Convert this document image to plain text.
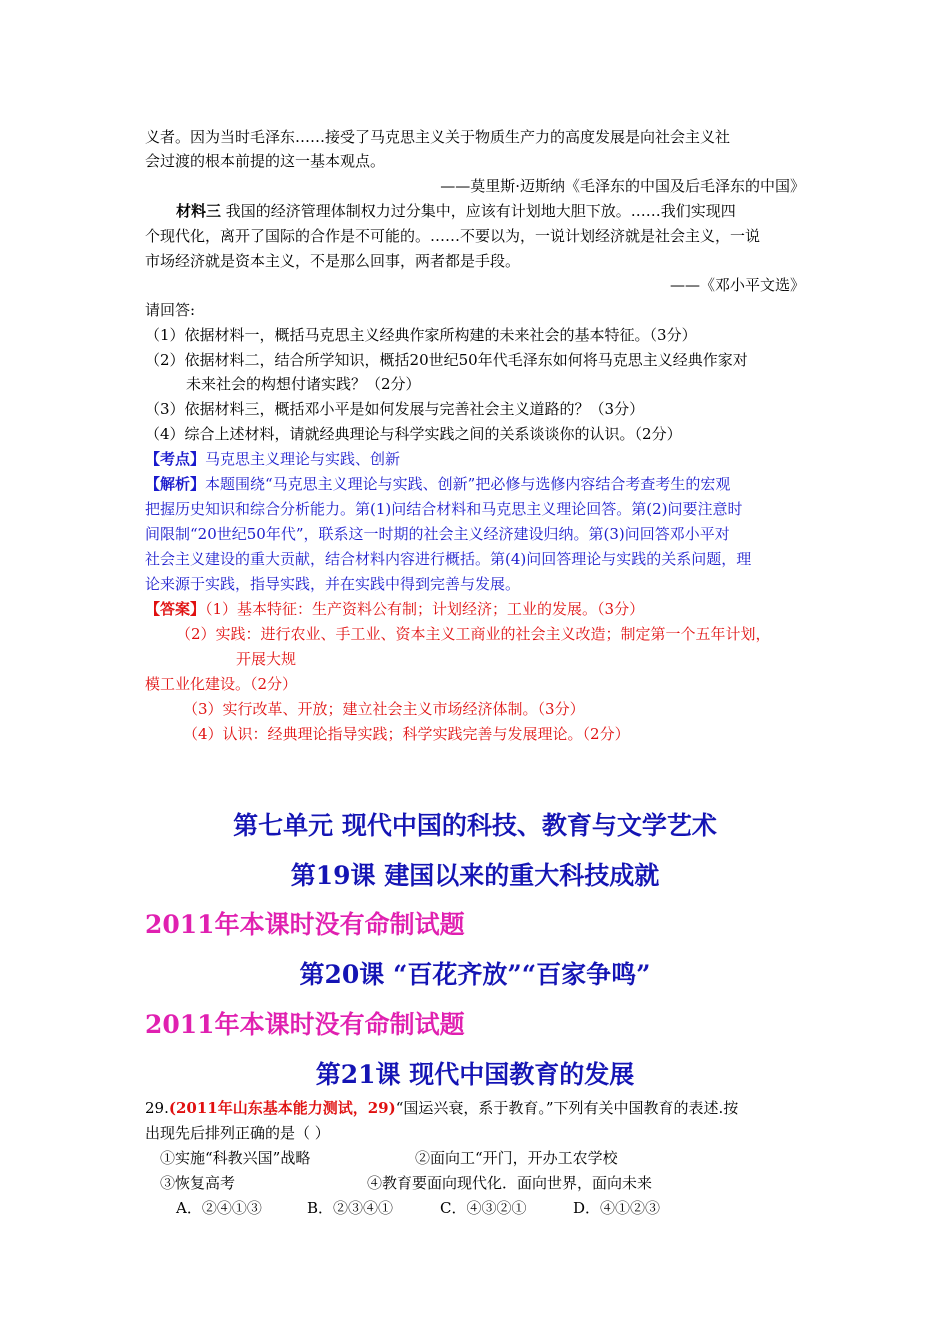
义者。因为当时毛泽东……接受了马克思主义关于物质生产力的高度发展是向社会主义社
会过渡的根本前提的这一基本观点。
——莫里斯·迈斯纳《毛泽东的中国及后毛泽东的中国》
材料三 我国的经济管理体制权力过分集中，应该有计划地大胆下放。……我们实现四
个现代化，离开了国际的合作是不可能的。……不要以为，一说计划经济就是社会主义，一说
市场经济就是资本主义，不是那么回事，两者都是手段。
——《邓小平文选》
请回答:
（1）依据材料一，概括马克思主义经典作家所构建的未来社会的基本特征。（3分）
（2）依据材料二，结合所学知识，概括20世纪50年代毛泽东如何将马克思主义经典作家对
未来社会的构想付诸实践？（2分）
（3）依据材料三，概括邓小平是如何发展与完善社会主义道路的？（3分）
（4）综合上述材料，请就经典理论与科学实践之间的关系谈谈你的认识。（2分）
【考点】马克思主义理论与实践、创新
【解析】本题围绕“马克思主义理论与实践、创新”把必修与选修内容结合考查考生的宏观
把握历史知识和综合分析能力。第(1)问结合材料和马克思主义理论回答。第(2)问要注意时
间限制“20世纪50年代”，联系这一时期的社会主义经济建设归纳。第(3)问回答邓小平对
社会主义建设的重大贡献，结合材料内容进行概括。第(4)问回答理论与实践的关系问题，理
论来源于实践，指导实践，并在实践中得到完善与发展。
【答案】（1）基本特征：生产资料公有制；计划经济；工业的发展。（3分）
（2）实践：进行农业、手工业、资本主义工商业的社会主义改造；制定第一个五年计划，
开展大规
模工业化建设。（2分）
（3）实行改革、开放；建立社会主义市场经济体制。（3分）
（4）认识：经典理论指导实践；科学实践完善与发展理论。（2分）
第七单元 现代中国的科技、教育与文学艺术
第19课 建国以来的重大科技成就
2011年本课时没有命制试题
第20课 “百花齐放”“百家争鸣”
2011年本课时没有命制试题
第21课 现代中国教育的发展
29.(2011年山东基本能力测试，29)“国运兴衰，系于教育。”下列有关中国教育的表述.按
出现先后排列正确的是（ ）
①实施“科教兴国”战略	②面向工“开门，开办工农学校
③恢复高考	④教育要面向现代化．面向世界，面向未来
A．②④①③	B．②③④①	C．④③②①	D．④①②③
